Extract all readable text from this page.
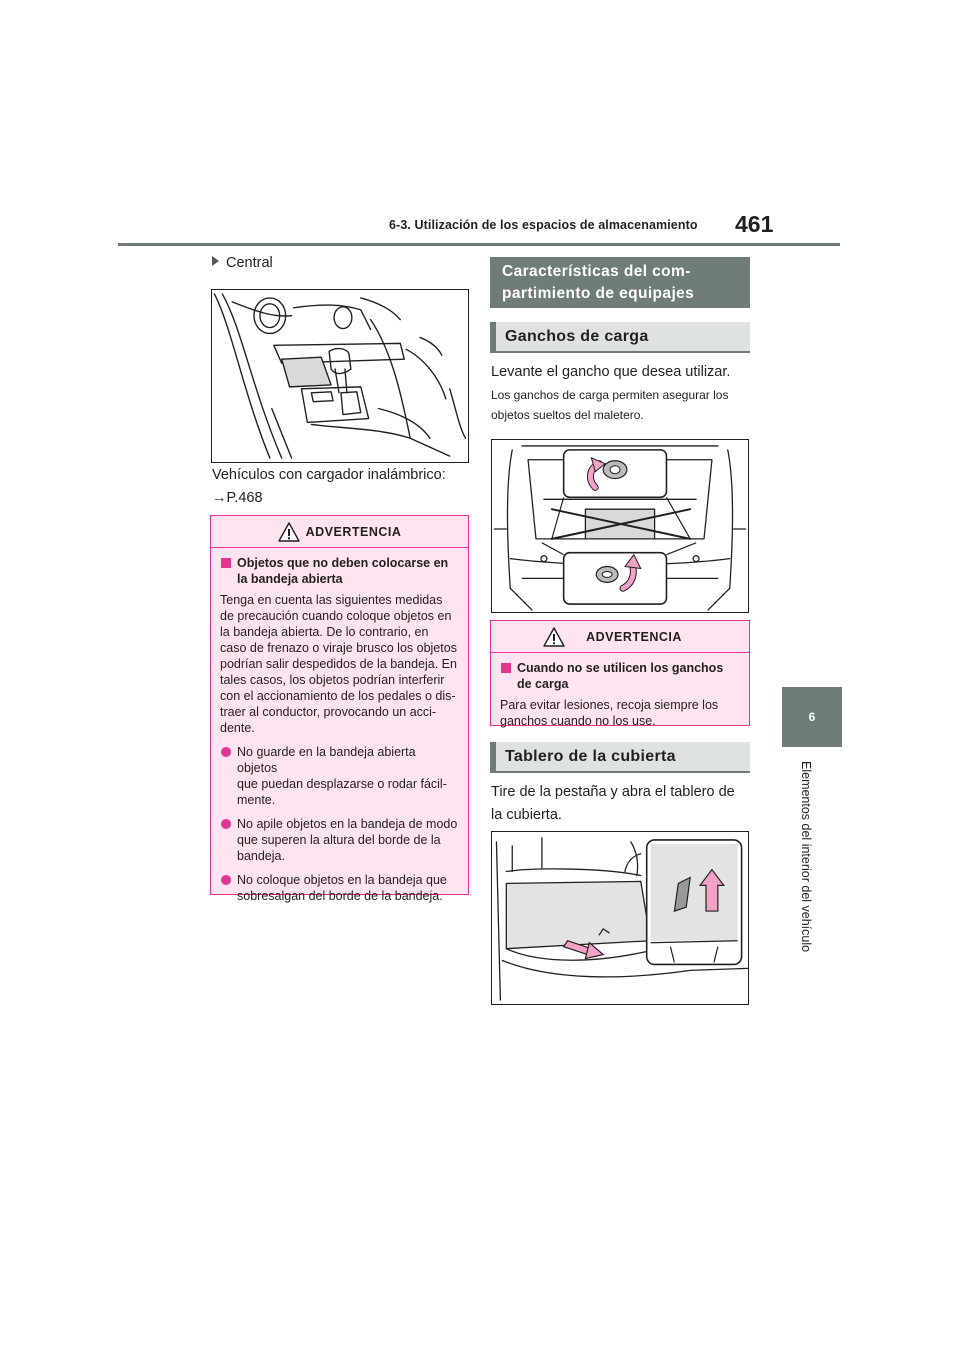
6-3. Utilización de los espacios de almacenamiento 461
6
Elementos del interior del vehículo
Central
Vehículos con cargador inalámbrico:
→P.468
ADVERTENCIA
Objetos que no deben colocarse en
la bandeja abierta
Tenga en cuenta las siguientes medidas
de precaución cuando coloque objetos en
la bandeja abierta. De lo contrario, en
caso de frenazo o viraje brusco los objetos
podrían salir despedidos de la bandeja. En
tales casos, los objetos podrían interferir
con el accionamiento de los pedales o dis-
traer al conductor, provocando un acci-
dente.
No guarde en la bandeja abierta objetos
que puedan desplazarse o rodar fácil-
mente.
No apile objetos en la bandeja de modo
que superen la altura del borde de la
bandeja.
No coloque objetos en la bandeja que
sobresalgan del borde de la bandeja.
Características del com-
partimiento de equipajes
Ganchos de carga
Levante el gancho que desea utilizar.
Los ganchos de carga permiten asegurar los
objetos sueltos del maletero.
ADVERTENCIA
Cuando no se utilicen los ganchos
de carga
Para evitar lesiones, recoja siempre los
ganchos cuando no los use.
Tablero de la cubierta
Tire de la pestaña y abra el tablero de
la cubierta.
